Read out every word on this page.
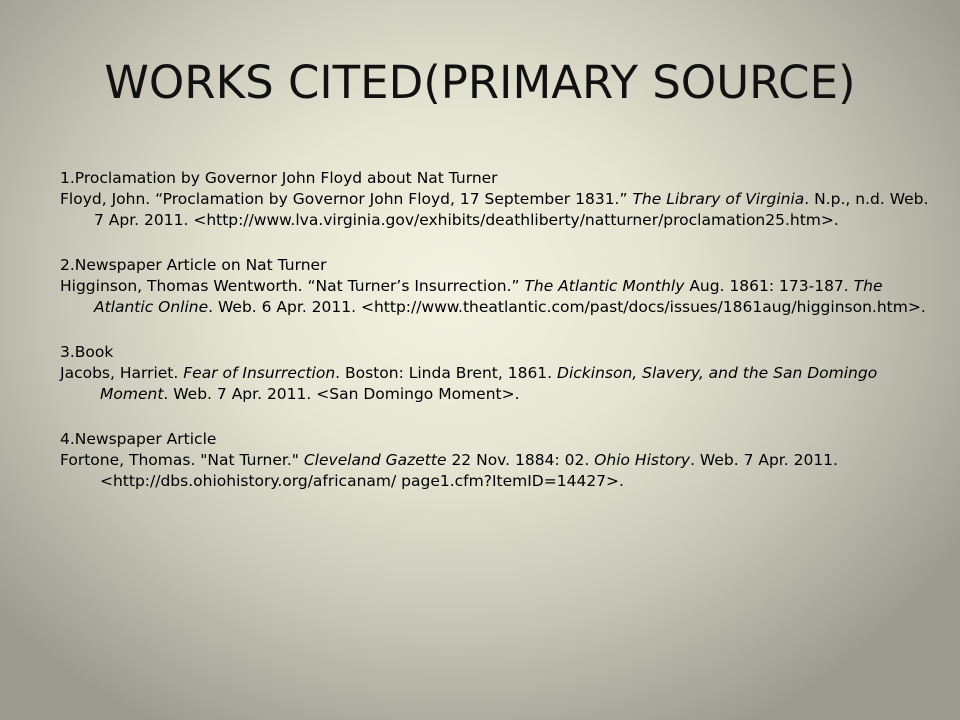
WORKS CITED(PRIMARY SOURCE)

1.Proclamation by Governor John Floyd about Nat Turner

Floyd, John. “Proclamation by Governor John Floyd, 17 September 1831.” The Library of Virginia. N.p., n.d. Web. 7 Apr. 2011. <http://www.lva.virginia.gov/exhibits/deathliberty/natturner/proclamation25.htm>.

2.Newspaper Article on Nat Turner

Higginson, Thomas Wentworth. “Nat Turner’s Insurrection.” The Atlantic Monthly Aug. 1861: 173-187. The Atlantic Online. Web. 6 Apr. 2011. <http://www.theatlantic.com/past/docs/issues/1861aug/higginson.htm>.

3.Book

Jacobs, Harriet. Fear of Insurrection. Boston: Linda Brent, 1861. Dickinson, Slavery, and the San Domingo Moment. Web. 7 Apr. 2011. <San Domingo Moment>.

4.Newspaper Article

Fortone, Thomas. "Nat Turner." Cleveland Gazette 22 Nov. 1884: 02. Ohio History. Web. 7 Apr. 2011. <http://dbs.ohiohistory.org/africanam/ page1.cfm?ItemID=14427>.
